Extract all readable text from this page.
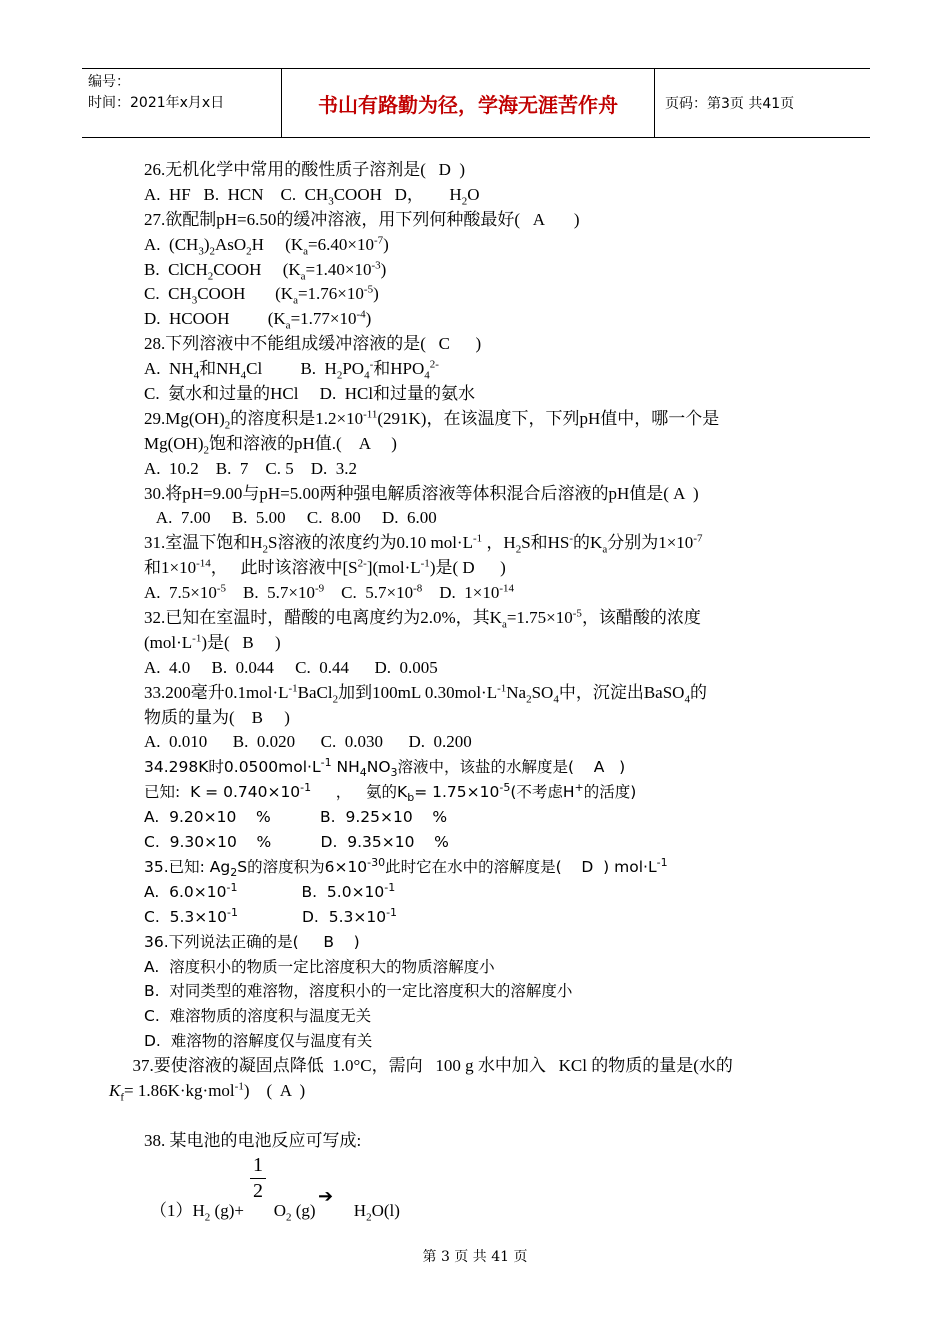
编号：
时间：2021年x月x日	书山有路勤为径，学海无涯苦作舟	页码：第3页 共41页
26.无机化学中常用的酸性质子溶剂是(   D  )
A.  HF   B.  HCN    C.  $CH_3COOH$   D，      $H_2O$
27.欲配制pH=6.50的缓冲溶液，用下列何种酸最好(   A       )
A.  $(CH_3)_2AsO_2H$     $(K_a=6.40\times 10^{-7})$
B.  ClCH$_2$COOH     $(K_a=1.40\times 10^{-3})$
C.  $CH_3COOH$       $(K_a=1.76\times 10^{-5})$
D.  HCOOH         $(K_a=1.77\times 10^{-4})$
28.下列溶液中不能组成缓冲溶液的是(   C      )
A.  $NH_4$和$NH_4Cl$         B.  $H_2PO_4^-$和$HPO_4^{2-}$
C.  氨水和过量的HCl     D.  HCl和过量的氨水
$29.Mg(OH)_2$的溶度积是$1.2\times 10^{-11}(291K)$，在该温度下，下列pH值中，哪一个是
$Mg(OH)_2$饱和溶液的pH值.(    A     )
A.  10.2    B.  7    C. 5    D.  3.2
30.将pH=9.00与pH=5.00两种强电解质溶液等体积混合后溶液的pH值是( A  )
A.  7.00     B.  5.00     C.  8.00     D.  6.00
31.室温下饱和$H_2S$溶液的浓度约为0.10 $mol\cdot L^{-1}$ ，$H_2S$和HS-的$K_a$分别为$1\times 10^{-7}$
和$1\times 10^{-14}$，   此时该溶液中$[S^{2-}](mol\cdot L^{-1})$是( D      )
A.  $7.5\times 10^{-5}$    B.  $5.7\times 10^{-9}$    C.  $5.7\times 10^{-8}$    D.  $1\times 10^{-14}$
32.已知在室温时，醋酸的电离度约为2.0%，其$K_a=1.75\times 10^{-5}$，该醋酸的浓度
$(mol\cdot L^{-1})$是(   B     )
A.  4.0     B.  0.044     C.  0.44      D.  0.005
33.200毫升$0.1mol\cdot L^{-1}BaCl_2$加到100mL $0.30mol\cdot L^{-1}Na_2SO_4$中，沉淀出BaSO$_4$的
物质的量为(    B     )
A.  0.010      B.  0.020      C.  0.030      D.  0.200
34.298K时$0.0500mol\cdot L^{-1}$ $NH_4NO_3$溶液中，该盐的水解度是(    A   )
已知:  $K = 0.740\times 10^{-1}$     ，   氨的$K_b= 1.75\times 10^{-5}$(不考虑H+的活度)
A.  9.20×10    %          B.  9.25×10    %
C.  9.30×10    %          D.  9.35×10    %
35.已知: $Ag_2S$的溶度积为$6\times 10^{-30}$此时它在水中的溶解度是(    D  ) $mol\cdot L^{-1}$
A.  $6.0\times 10^{-1}$             B.  $5.0\times 10^{-1}$
C.  $5.3\times 10^{-1}$             D.  $5.3\times 10^{-1}$
36.下列说法正确的是(     B    )
A.  溶度积小的物质一定比溶度积大的物质溶解度小
B.  对同类型的难溶物，溶度积小的一定比溶度积大的溶解度小
C.  难溶物质的溶度积与温度无关
D.  难溶物的溶解度仅与温度有关
37.要使溶液的凝固点降低  1.0°C，需向   100 g 水中加入   KCl 的物质的量是(水的
$K_f= 1.86K\cdot kg\cdot mol^{-1}$)    (  A  )
38. 某电池的电池反应可写成:
1
2
$(1)H_2$ (g)+       $O_2$ (g)         $H_2O(l)$
➔
第 3 页 共 41 页
